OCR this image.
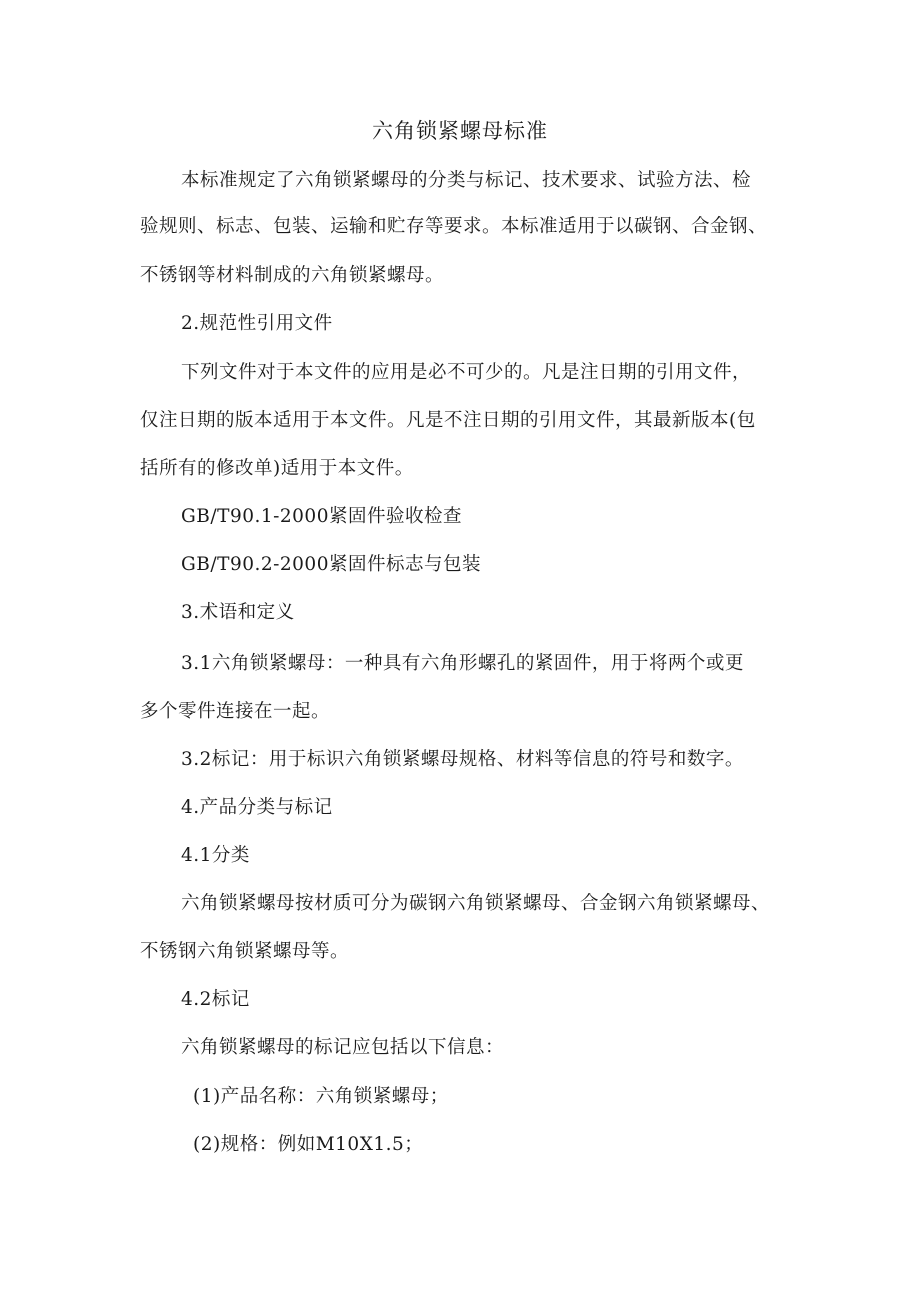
六角锁紧螺母标准
本标准规定了六角锁紧螺母的分类与标记、技术要求、试验方法、检
验规则、标志、包装、运输和贮存等要求。本标准适用于以碳钢、合金钢、
不锈钢等材料制成的六角锁紧螺母。
2.规范性引用文件
下列文件对于本文件的应用是必不可少的。凡是注日期的引用文件，
仅注日期的版本适用于本文件。凡是不注日期的引用文件，其最新版本(包
括所有的修改单)适用于本文件。
GB/T90.1-2000紧固件验收检查
GB/T90.2-2000紧固件标志与包装
3.术语和定义
3.1六角锁紧螺母：一种具有六角形螺孔的紧固件，用于将两个或更
多个零件连接在一起。
3.2标记：用于标识六角锁紧螺母规格、材料等信息的符号和数字。
4.产品分类与标记
4.1分类
六角锁紧螺母按材质可分为碳钢六角锁紧螺母、合金钢六角锁紧螺母、
不锈钢六角锁紧螺母等。
4.2标记
六角锁紧螺母的标记应包括以下信息：
(1)产品名称：六角锁紧螺母；
(2)规格：例如M10X1.5；
